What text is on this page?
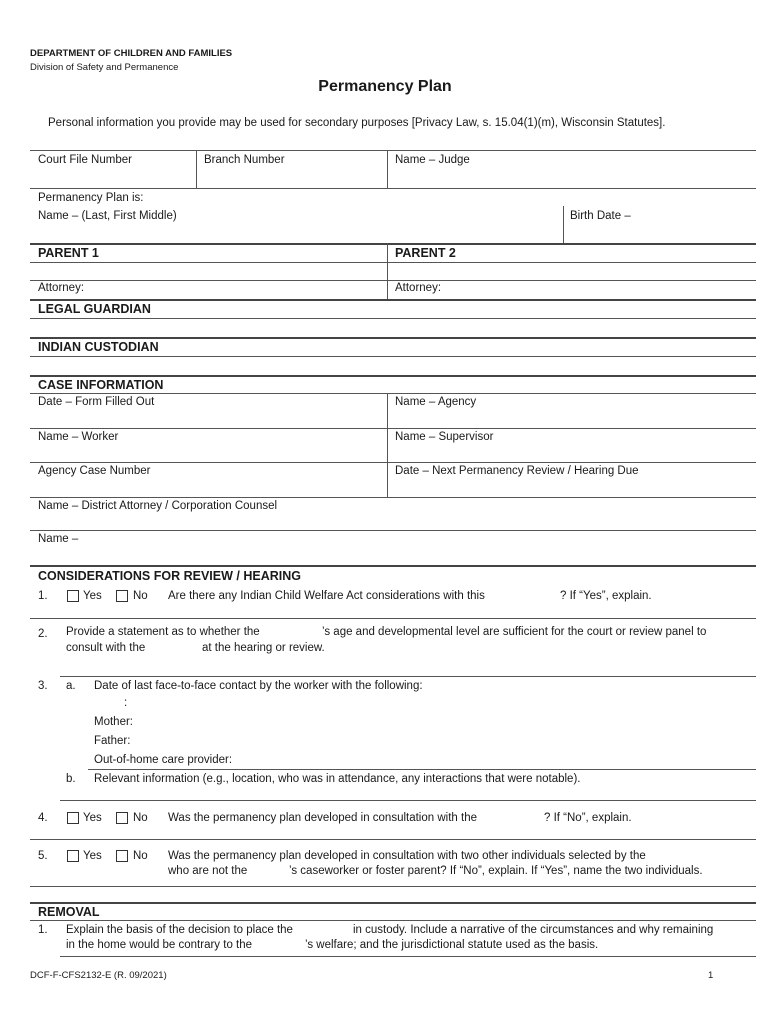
DEPARTMENT OF CHILDREN AND FAMILIES
Division of Safety and Permanence
Permanency Plan
Personal information you provide may be used for secondary purposes [Privacy Law, s. 15.04(1)(m), Wisconsin Statutes].
Court File Number	Branch Number	Name – Judge
Permanency Plan is:
Name – (Last, First Middle)	Birth Date –
PARENT 1	PARENT 2
Attorney:	Attorney:
LEGAL GUARDIAN
INDIAN CUSTODIAN
CASE INFORMATION
Date – Form Filled Out	Name – Agency
Name – Worker	Name – Supervisor
Agency Case Number	Date – Next Permanency Review / Hearing Due
Name – District Attorney / Corporation Counsel
Name –
CONSIDERATIONS FOR REVIEW / HEARING
1.	Yes	No Are there any Indian Child Welfare Act considerations with this	? If “Yes”, explain.
2. Provide a statement as to whether the	’s age and developmental level are sufficient for the court or review panel to
consult with the	at the hearing or review.
3. a. Date of last face-to-face contact by the worker with the following:
:
Mother:
Father:
Out-of-home care provider:
b. Relevant information (e.g., location, who was in attendance, any interactions that were notable).
4.	Yes	No Was the permanency plan developed in consultation with the	? If “No”, explain.
5.	Yes	No Was the permanency plan developed in consultation with two other individuals selected by the
who are not the	’s caseworker or foster parent? If “No”, explain. If “Yes”, name the two individuals.
REMOVAL
1. Explain the basis of the decision to place the	in custody. Include a narrative of the circumstances and why remaining
in the home would be contrary to the	’s welfare; and the jurisdictional statute used as the basis.
DCF-F-CFS2132-E (R. 09/2021)	1
